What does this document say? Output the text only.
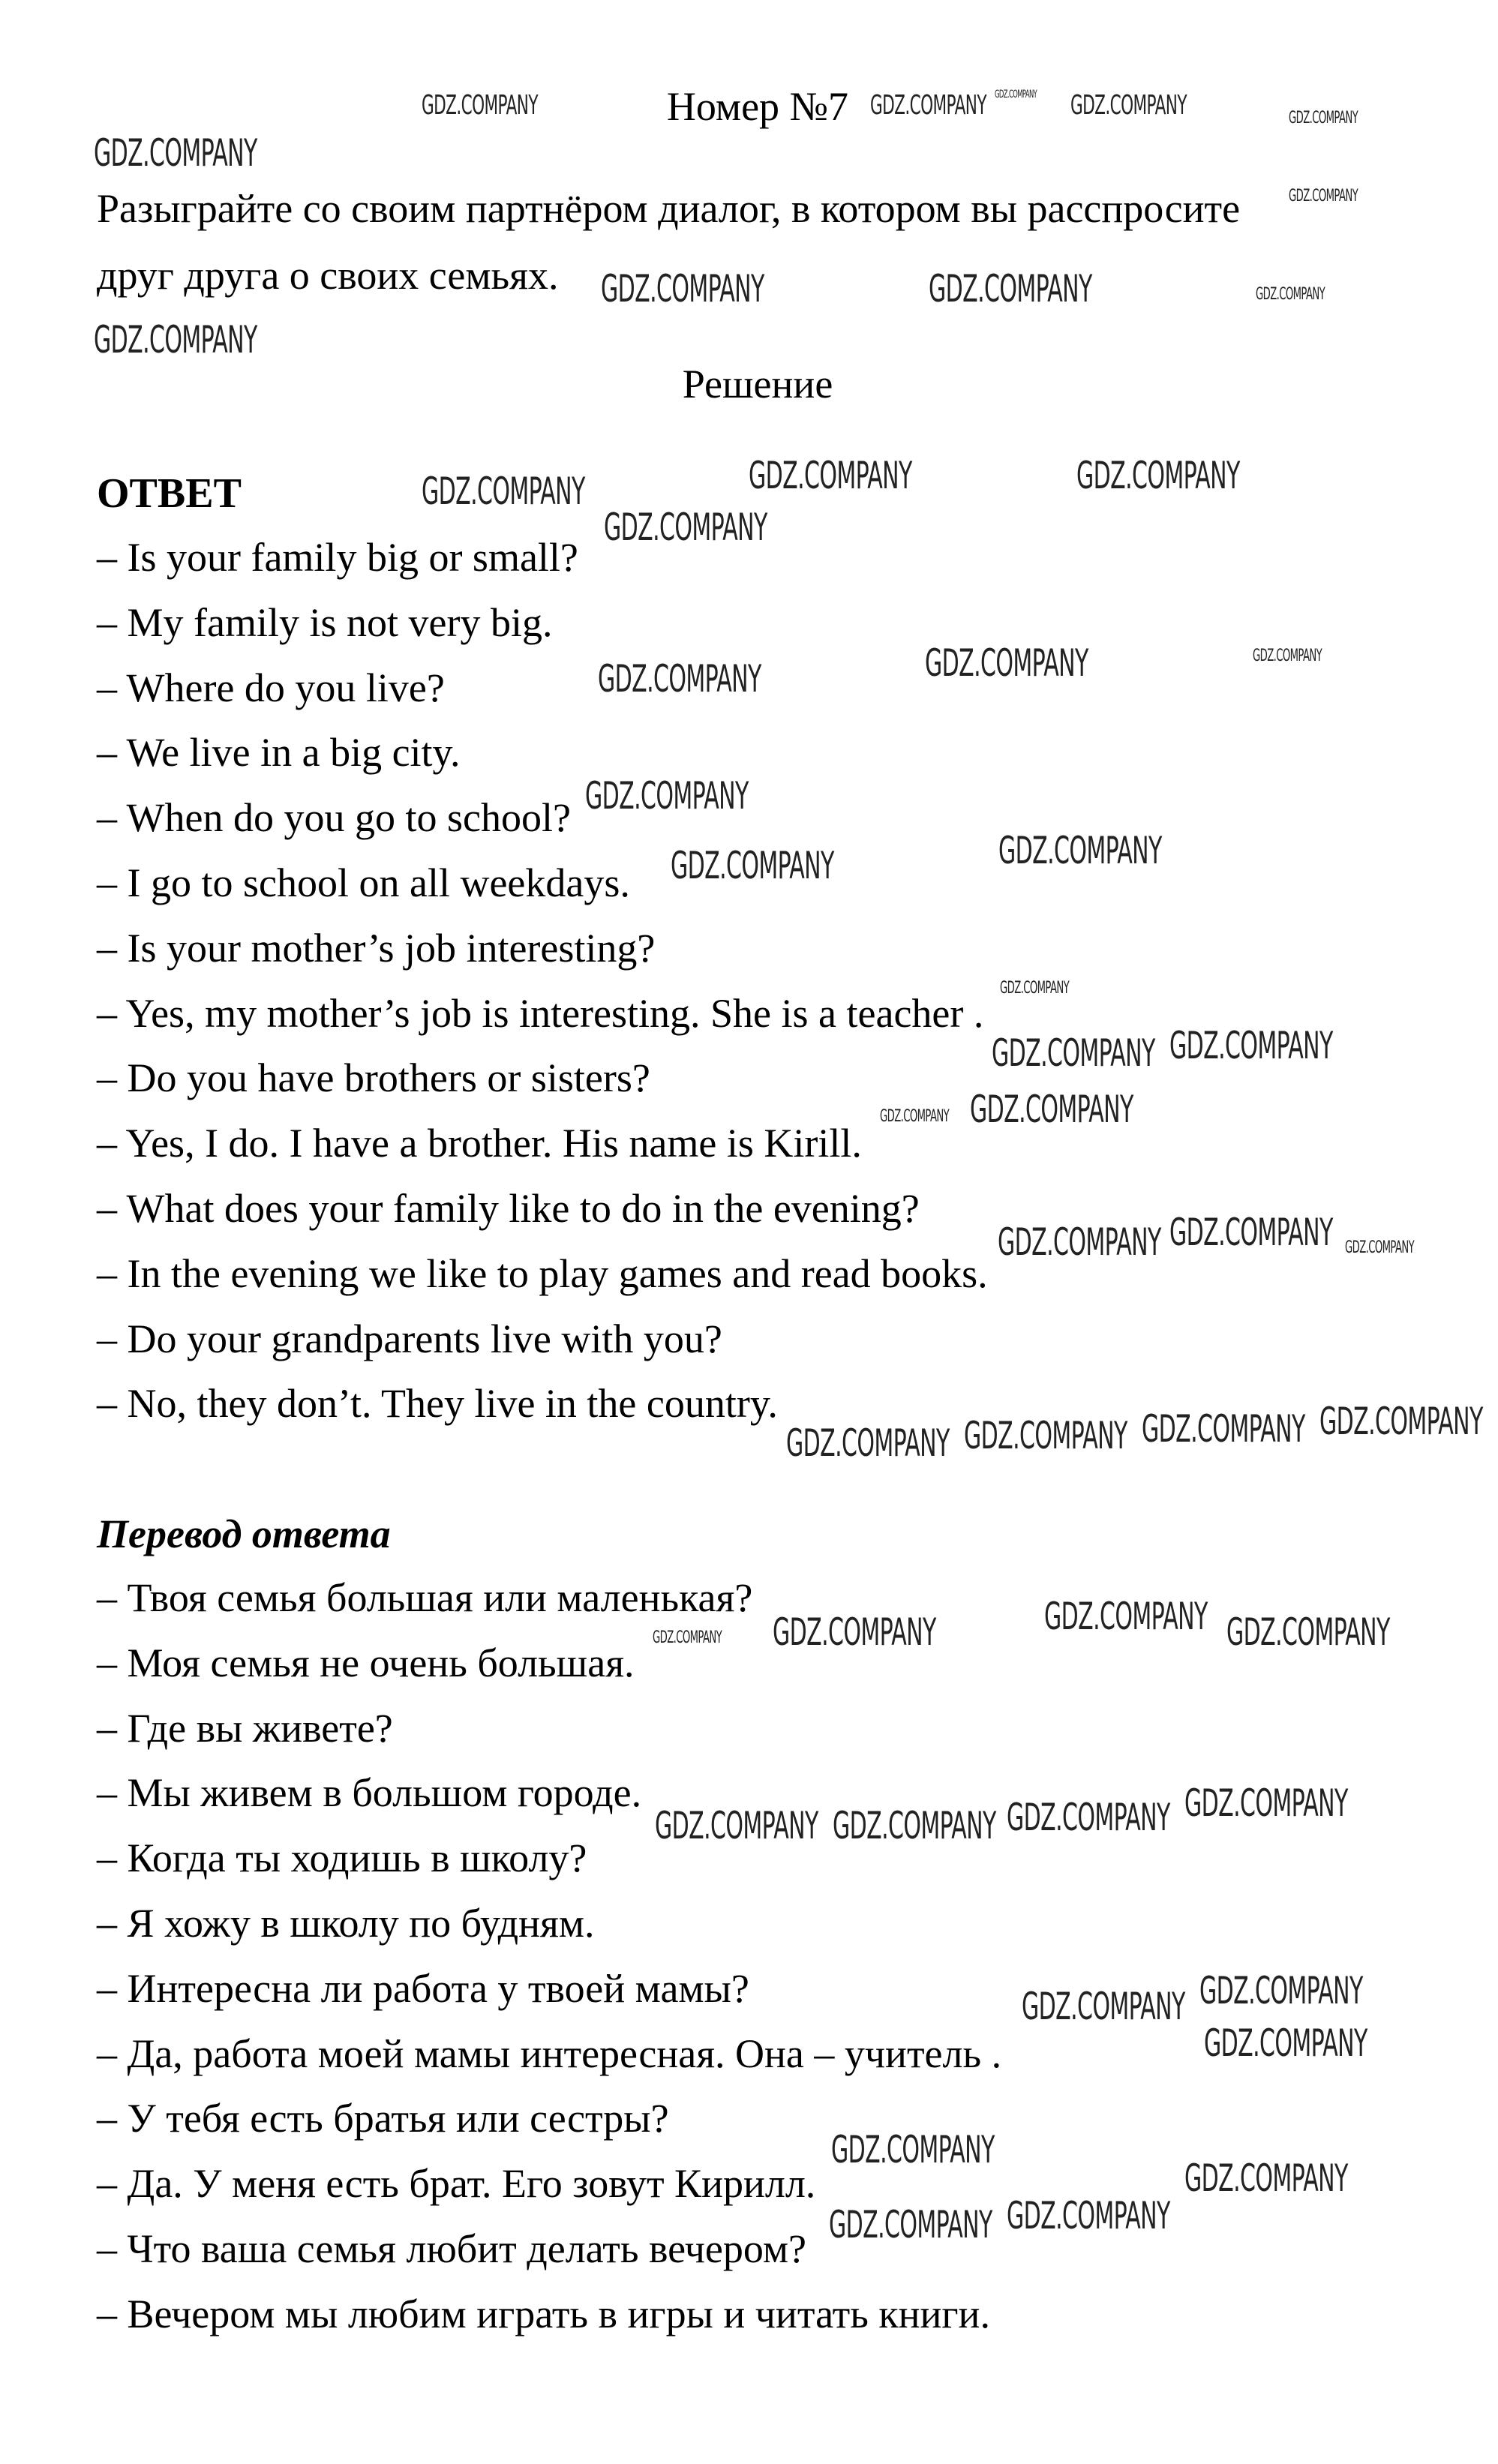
Номер №7
Разыграйте со своим партнёром диалог, в котором вы расспросите
друг друга о своих семьях.
Решение
ОТВЕТ
– Is your family big or small?
– My family is not very big.
– Where do you live?
– We live in a big city.
– When do you go to school?
– I go to school on all weekdays.
– Is your mother’s job interesting?
– Yes, my mother’s job is interesting. She is a teacher .
– Do you have brothers or sisters?
– Yes, I do. I have a brother. His name is Kirill.
– What does your family like to do in the evening?
– In the evening we like to play games and read books.
– Do your grandparents live with you?
– No, they don’t. They live in the country.
Перевод ответа
– Твоя семья большая или маленькая?
– Моя семья не очень большая.
– Где вы живете?
– Мы живем в большом городе.
– Когда ты ходишь в школу?
– Я хожу в школу по будням.
– Интересна ли работа у твоей мамы?
– Да, работа моей мамы интересная. Она – учитель .
– У тебя есть братья или сестры?
– Да. У меня есть брат. Его зовут Кирилл.
– Что ваша семья любит делать вечером?
– Вечером мы любим играть в игры и читать книги.
GDZ.COMPANY	GDZ.COMPANY	GDZ.COMPANY	GDZ.COMPANY
GDZ.COMPANY
GDZ.COMPANY
GDZ.COMPANY
GDZ.COMPANY	GDZ.COMPANY	GDZ.COMPANY
GDZ.COMPANY
GDZ.COMPANY	GDZ.COMPANY	GDZ.COMPANY
GDZ.COMPANY
GDZ.COMPANY	GDZ.COMPANY	GDZ.COMPANY
GDZ.COMPANY
GDZ.COMPANY	GDZ.COMPANY
GDZ.COMPANY
GDZ.COMPANY GDZ.COMPANY
GDZ.COMPANY GDZ.COMPANY
GDZ.COMPANY GDZ.COMPANY GDZ.COMPANY
GDZ.COMPANY GDZ.COMPANY GDZ.COMPANY GDZ.COMPANY
GDZ.COMPANY
GDZ.COMPANY GDZ.COMPANY	GDZ.COMPANY
GDZ.COMPANY GDZ.COMPANY GDZ.COMPANY GDZ.COMPANY
GDZ.COMPANY GDZ.COMPANY
GDZ.COMPANY
GDZ.COMPANY
GDZ.COMPANY
GDZ.COMPANY GDZ.COMPANY
